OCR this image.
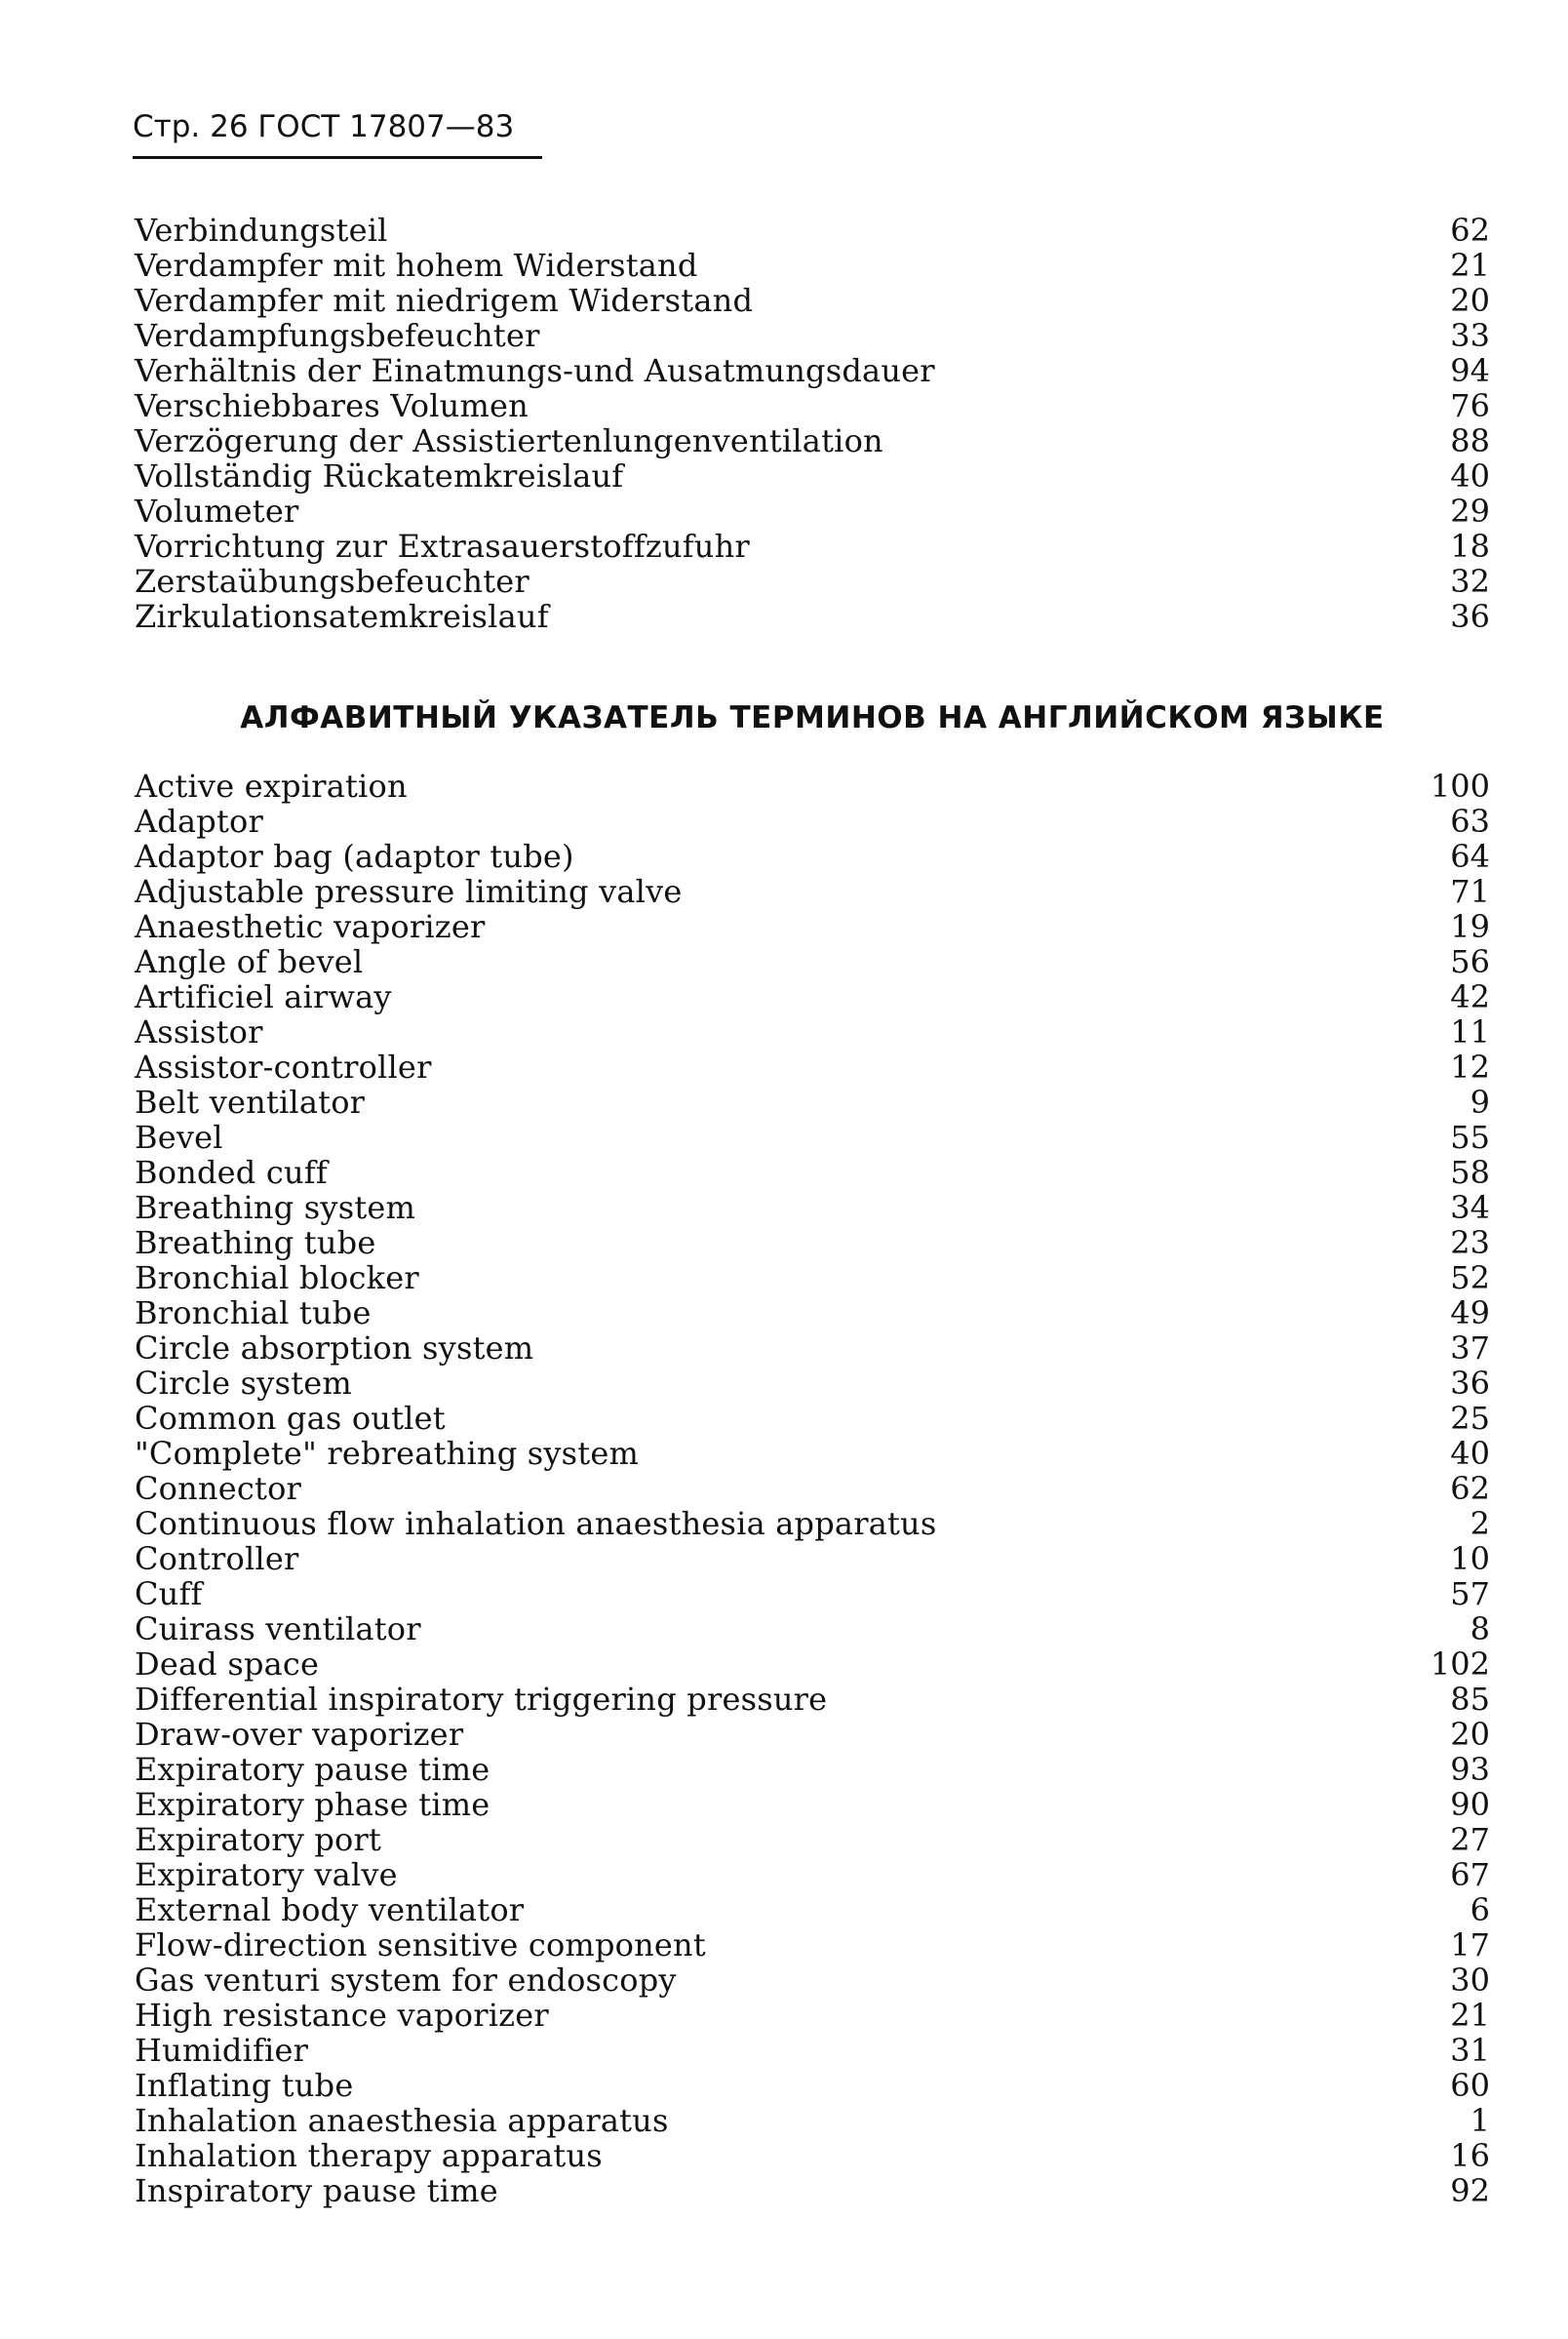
Стр. 26 ГОСТ 17807—83
Verbindungsteil	62
Verdampfer mit hohem Widerstand	21
Verdampfer mit niedrigem Widerstand	20
Verdampfungsbefeuchter	33
Verhältnis der Einatmungs-und Ausatmungsdauer	94
Verschiebbares Volumen	76
Verzögerung der Assistiertenlungenventilation	88
Vollständig Rückatemkreislauf	40
Volumeter	29
Vorrichtung zur Extrasauerstoffzufuhr	18
Zerstaübungsbefeuchter	32
Zirkulationsatemkreislauf	36
АЛФАВИТНЫЙ УКАЗАТЕЛЬ ТЕРМИНОВ НА АНГЛИЙСКОМ ЯЗЫКЕ
Active expiration	100
Adaptor	63
Adaptor bag (adaptor tube)	64
Adjustable pressure limiting valve	71
Anaesthetic vaporizer	19
Angle of bevel	56
Artificiel airway	42
Assistor	11
Assistor-controller	12
Belt ventilator	9
Bevel	55
Bonded cuff	58
Breathing system	34
Breathing tube	23
Bronchial blocker	52
Bronchial tube	49
Circle absorption system	37
Circle system	36
Common gas outlet	25
"Complete" rebreathing system	40
Connector	62
Continuous flow inhalation anaesthesia apparatus	2
Controller	10
Cuff	57
Cuirass ventilator	8
Dead space	102
Differential inspiratory triggering pressure	85
Draw-over vaporizer	20
Expiratory pause time	93
Expiratory phase time	90
Expiratory port	27
Expiratory valve	67
External body ventilator	6
Flow-direction sensitive component	17
Gas venturi system for endoscopy	30
High resistance vaporizer	21
Humidifier	31
Inflating tube	60
Inhalation anaesthesia apparatus	1
Inhalation therapy apparatus	16
Inspiratory pause time	92
